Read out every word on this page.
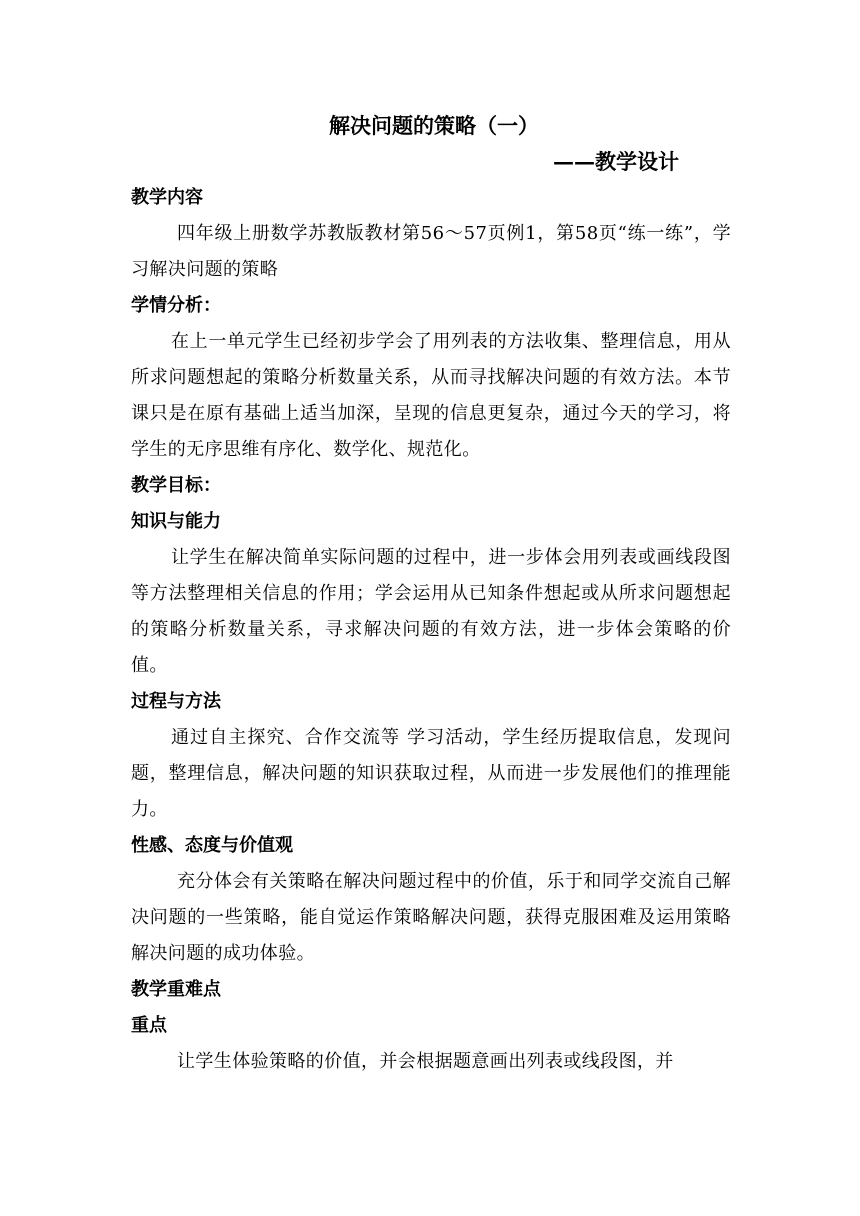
解决问题的策略（一）
——教学设计
教学内容

四年级上册数学苏教版教材第56～57页例1，第58页“练一练”，学习解决问题的策略

学情分析：

在上一单元学生已经初步学会了用列表的方法收集、整理信息，用从所求问题想起的策略分析数量关系，从而寻找解决问题的有效方法。本节课只是在原有基础上适当加深，呈现的信息更复杂，通过今天的学习，将学生的无序思维有序化、数学化、规范化。

教学目标：
知识与能力

让学生在解决简单实际问题的过程中，进一步体会用列表或画线段图等方法整理相关信息的作用；学会运用从已知条件想起或从所求问题想起的策略分析数量关系，寻求解决问题的有效方法，进一步体会策略的价值。

过程与方法

通过自主探究、合作交流等 学习活动，学生经历提取信息，发现问题，整理信息，解决问题的知识获取过程，从而进一步发展他们的推理能力。

性感、态度与价值观

充分体会有关策略在解决问题过程中的价值，乐于和同学交流自己解决问题的一些策略，能自觉运作策略解决问题，获得克服困难及运用策略解决问题的成功体验。

教学重难点
重点

让学生体验策略的价值，并会根据题意画出列表或线段图，并
